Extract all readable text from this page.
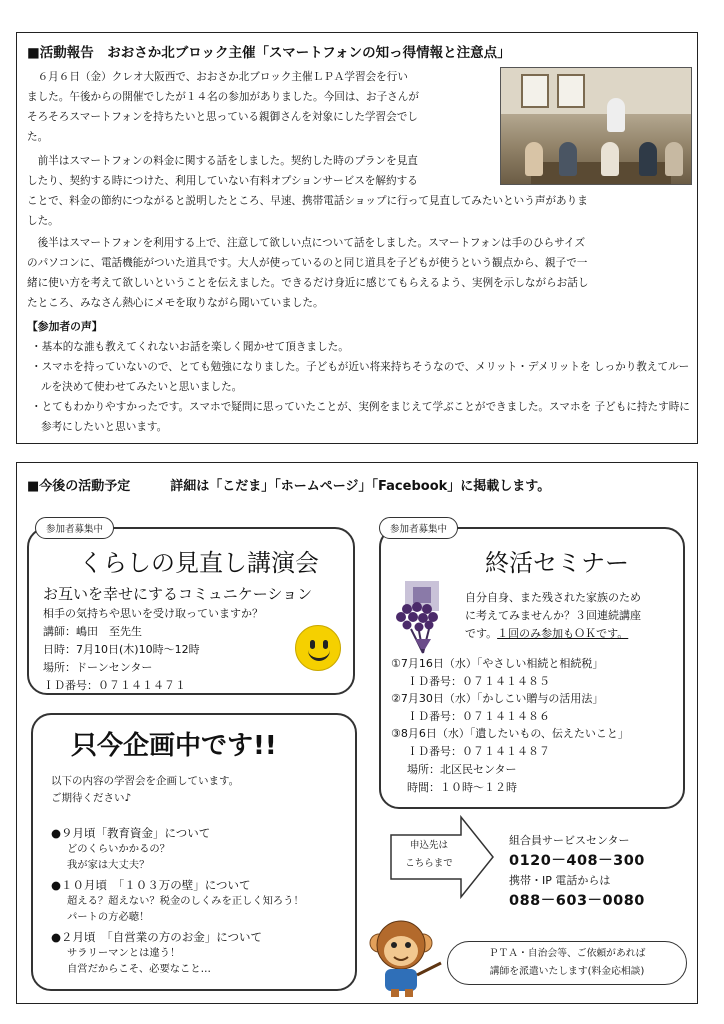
■活動報告　おおさか北ブロック主催「スマートフォンの知っ得情報と注意点」
　６月６日（金）クレオ大阪西で、おおさか北ブロック主催ＬＰＡ学習会を行い
ました。午後からの開催でしたが１４名の参加がありました。今回は、お子さんが
そろそろスマートフォンを持ちたいと思っている親御さんを対象にした学習会でし
た。
　前半はスマートフォンの料金に関する話をしました。契約した時のプランを見直
したり、契約する時につけた、利用していない有料オプションサービスを解約する
ことで、料金の節約につながると説明したところ、早速、携帯電話ショップに行って見直してみたいという声がありま
した。
　後半はスマートフォンを利用する上で、注意して欲しい点について話をしました。スマートフォンは手のひらサイズ
のパソコンに、電話機能がついた道具です。大人が使っているのと同じ道具を子どもが使うという観点から、親子で一
緒に使い方を考えて欲しいということを伝えました。できるだけ身近に感じてもらえるよう、実例を示しながらお話し
たところ、みなさん熱心にメモを取りながら聞いていました。
【参加者の声】
・基本的な誰も教えてくれないお話を楽しく聞かせて頂きました。
・スマホを持っていないので、とても勉強になりました。子どもが近い将来持ちそうなので、メリット・デメリットを しっかり教えてルールを決めて使わせてみたいと思いました。
・とてもわかりやすかったです。スマホで疑問に思っていたことが、実例をまじえて学ぶことができました。スマホを 子どもに持たす時に参考にしたいと思います。
■今後の活動予定	詳細は「こだま」「ホームページ」「Facebook」に掲載します。
くらしの見直し講演会
お互いを幸せにするコミュニケーション
相手の気持ちや思いを受け取っていますか？
講師：嶋田　至先生
日時：7月10日(木)10時～12時
場所：ドーンセンター
ＩＤ番号：０７１４１４７１
参加者募集中
終活セミナー
自分自身、また残された家族のため
に考えてみませんか？３回連続講座
です。１回のみ参加もＯＫです。
①7月16日（水）「やさしい相続と相続税」
ＩＤ番号：０７１４１４８５
②7月30日（水）「かしこい贈与の活用法」
ＩＤ番号：０７１４１４８６
③8月6日（水）「遺したいもの、伝えたいこと」
ＩＤ番号：０７１４１４８７
場所：北区民センター
時間：１０時～１２時
参加者募集中
只今企画中です!!
以下の内容の学習会を企画しています。
ご期待ください♪
●９月頃「教育資金」について
どのくらいかかるの？
我が家は大丈夫？
●１０月頃　「１０３万の壁」について
超える？超えない？税金のしくみを正しく知ろう！
パートの方必聴！
●２月頃　「自営業の方のお金」について
サラリーマンとは違う！
自営だからこそ、必要なこと…
申込先は
こちらまで
組合員サービスセンター
0120－408－300
携帯・IP 電話からは
088－603－0080
ＰＴＡ・自治会等、ご依頼があれば
講師を派遣いたします(料金応相談)
